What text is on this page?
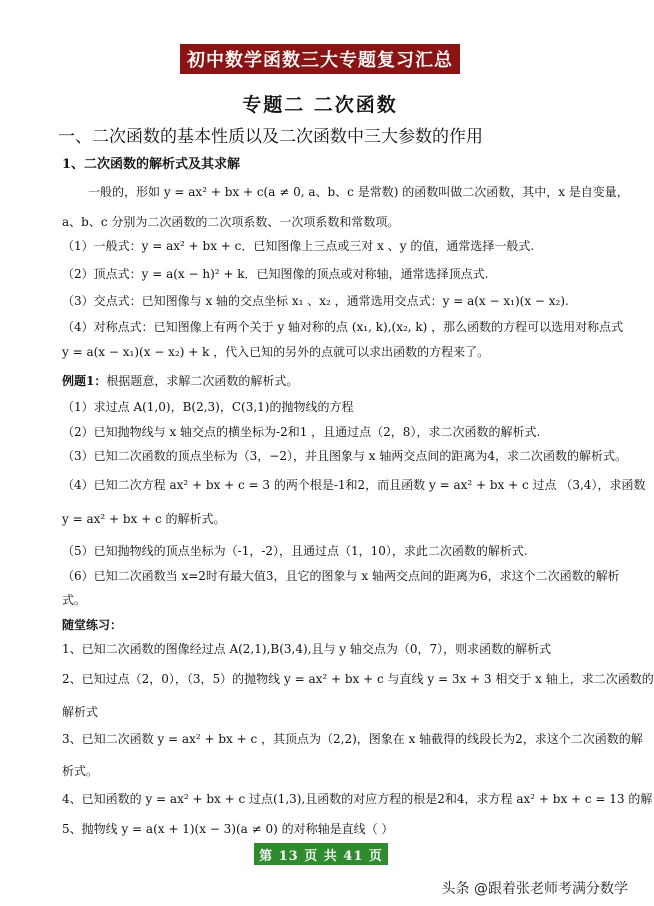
初中数学函数三大专题复习汇总
专题二 二次函数
一、二次函数的基本性质以及二次函数中三大参数的作用
1、二次函数的解析式及其求解
一般的，形如 y = ax² + bx + c(a ≠ 0, a、b、c 是常数) 的函数叫做二次函数，其中，x 是自变量，
a、b、c 分别为二次函数的二次项系数、一次项系数和常数项。
（1）一般式：y = ax² + bx + c．已知图像上三点或三对 x 、y 的值，通常选择一般式.
（2）顶点式：y = a(x − h)² + k．已知图像的顶点或对称轴，通常选择顶点式.
（3）交点式：已知图像与 x 轴的交点坐标 x₁ 、x₂ ，通常选用交点式：y = a(x − x₁)(x − x₂).
（4）对称点式：已知图像上有两个关于 y 轴对称的点 (x₁, k),(x₂, k) ，那么函数的方程可以选用对称点式
y = a(x − x₁)(x − x₂) + k ，代入已知的另外的点就可以求出函数的方程来了。
例题1：根据题意，求解二次函数的解析式。
（1）求过点 A(1,0)，B(2,3)，C(3,1)的抛物线的方程
（2）已知抛物线与 x 轴交点的横坐标为-2和1 ，且通过点（2，8），求二次函数的解析式.
（3）已知二次函数的顶点坐标为（3，−2），并且图象与 x 轴两交点间的距离为4，求二次函数的解析式。
（4）已知二次方程 ax² + bx + c = 3 的两个根是-1和2，而且函数 y = ax² + bx + c 过点 （3,4），求函数
y = ax² + bx + c 的解析式。
（5）已知抛物线的顶点坐标为（-1，-2），且通过点（1，10），求此二次函数的解析式.
（6）已知二次函数当 x=2时有最大值3，且它的图象与 x 轴两交点间的距离为6，求这个二次函数的解析
式。
随堂练习：
1、已知二次函数的图像经过点 A(2,1),B(3,4),且与 y 轴交点为（0，7），则求函数的解析式
2、已知过点（2，0），（3，5）的抛物线 y = ax² + bx + c 与直线 y = 3x + 3 相交于 x 轴上，求二次函数的
解析式
3、已知二次函数 y = ax² + bx + c ，其顶点为（2,2)，图象在 x 轴截得的线段长为2，求这个二次函数的解
析式。
4、已知函数的 y = ax² + bx + c 过点(1,3),且函数的对应方程的根是2和4，求方程 ax² + bx + c = 13 的解
5、抛物线 y = a(x + 1)(x − 3)(a ≠ 0) 的对称轴是直线（ ）
第 13 页 共 41 页
头条 @跟着张老师考满分数学
